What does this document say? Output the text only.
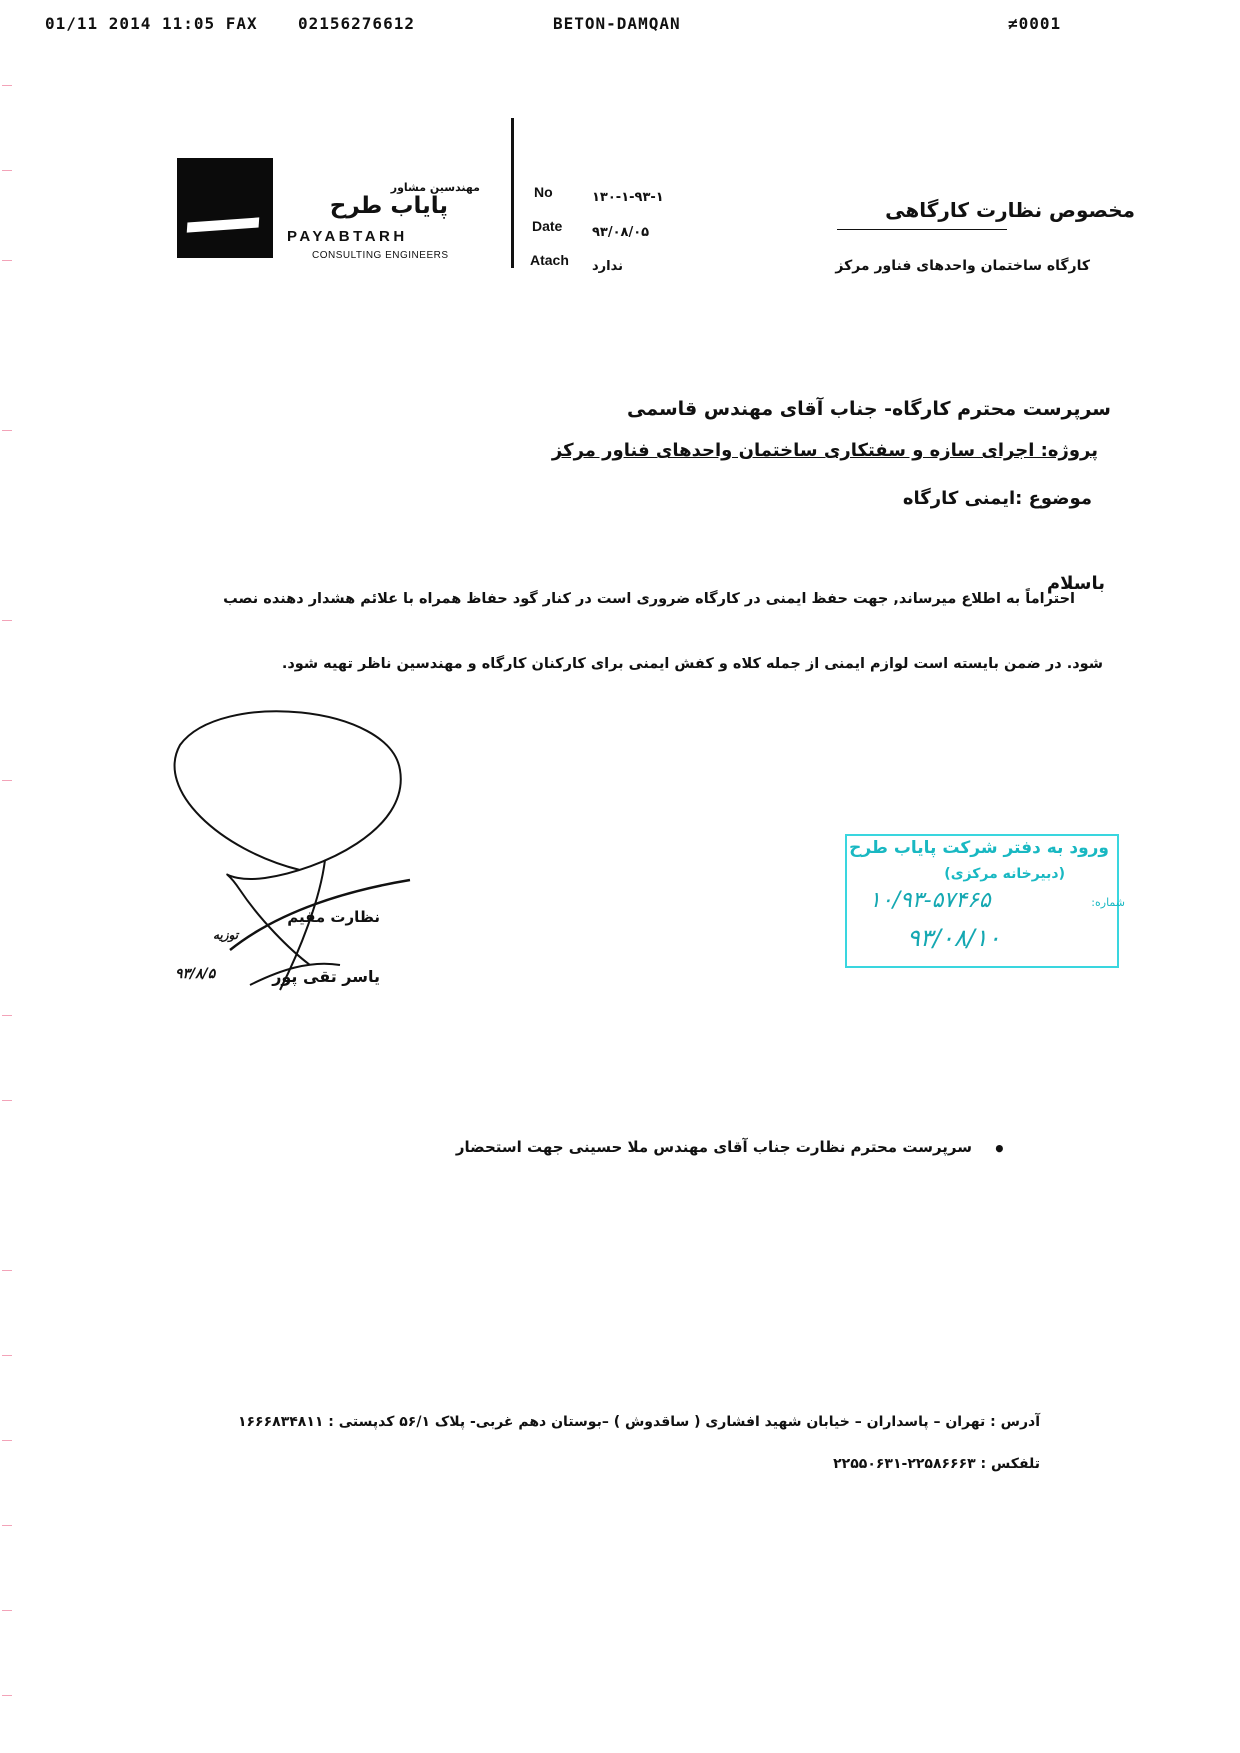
01/11 2014 11:05 FAX	02156276612	BETON-DAMQAN	≠0001
مهندسین مشاور
پایاب طرح
PAYABTARH
CONSULTING ENGINEERS
No	۱۳۰-۱-۹۳-۱
Date ۹۳/۰۸/۰۵
Atach ندارد
مخصوص نظارت کارگاهی
کارگاه ساختمان واحدهای فناور مرکز
سرپرست محترم کارگاه- جناب آقای مهندس قاسمی
پروژه: اجرای سازه و سفتکاری ساختمان واحدهای فناور مرکز
موضوع :ایمنی کارگاه
باسلام
احتراماً به اطلاع میرساند, جهت حفظ ایمنی در کارگاه ضروری است در کنار گود حفاظ همراه با علائم هشدار دهنده نصب
شود. در ضمن بایسته است لوازم ایمنی از جمله کلاه و کفش ایمنی برای کارکنان کارگاه و مهندسین ناظر تهیه شود.
نظارت مقیم
یاسر تقی پور
۹۳/۸/۵
توزیه
ورود به دفتر شرکت پایاب طرح
(دبیرخانه مرکزی)
شماره:
۱۰/۹۳-۵۷۴۶۵
۹۳/۰۸/۱۰
سرپرست محترم نظارت جناب آقای مهندس ملا حسینی جهت استحضار •
آدرس : تهران – پاسداران – خیابان شهید افشاری ( ساقدوش ) –بوستان دهم غربی- پلاک ۵۶/۱ کدپستی : ۱۶۶۶۸۳۴۸۱۱
تلفکس : ۲۲۵۸۶۶۶۳-۲۲۵۵۰۶۳۱
